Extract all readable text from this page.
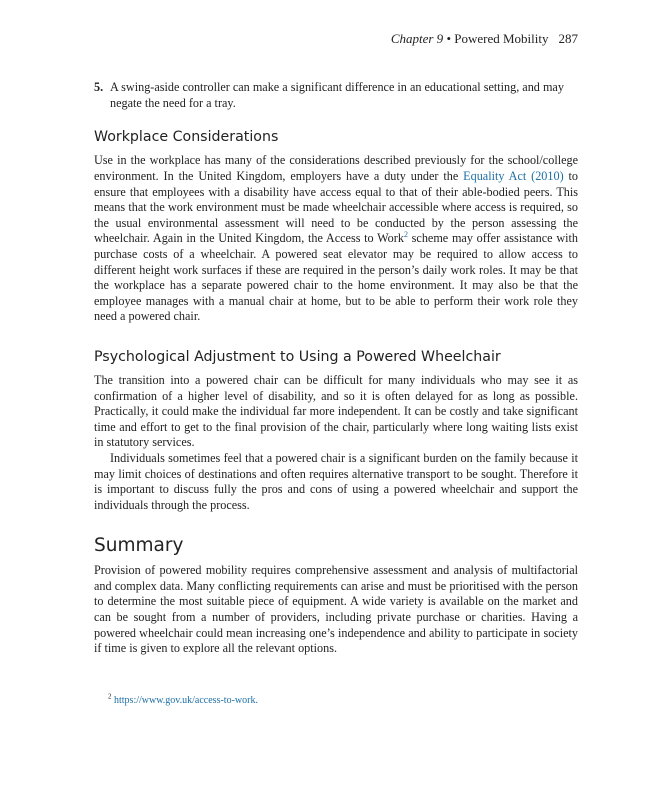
Chapter 9 • Powered Mobility 287
5. A swing-aside controller can make a significant difference in an educational setting, and may negate the need for a tray.
Workplace Considerations

Use in the workplace has many of the considerations described previously for the school/college environment. In the United Kingdom, employers have a duty under the Equality Act (2010) to ensure that employees with a disability have access equal to that of their able-bodied peers. This means that the work environment must be made wheelchair accessible where access is required, so the usual environmental assessment will need to be conducted by the person assessing the wheelchair. Again in the United Kingdom, the Access to Work$^2$ scheme may offer assistance with purchase costs of a wheelchair. A powered seat elevator may be required to allow access to different height work surfaces if these are required in the person’s daily work roles. It may be that the workplace has a separate powered chair to the home environment. It may also be that the employee manages with a manual chair at home, but to be able to perform their work role they need a powered chair.

Psychological Adjustment to Using a Powered Wheelchair

The transition into a powered chair can be difficult for many individuals who may see it as confirmation of a higher level of disability, and so it is often delayed for as long as possible. Practically, it could make the individual far more independent. It can be costly and take significant time and effort to get to the final provision of the chair, particularly where long waiting lists exist in statutory services.

Individuals sometimes feel that a powered chair is a significant burden on the family because it may limit choices of destinations and often requires alternative transport to be sought. Therefore it is important to discuss fully the pros and cons of using a powered wheelchair and support the individuals through the process.

Summary

Provision of powered mobility requires comprehensive assessment and analysis of multifactorial and complex data. Many conflicting requirements can arise and must be prioritised with the person to determine the most suitable piece of equipment. A wide variety is available on the market and can be sought from a number of providers, including private purchase or charities. Having a powered wheelchair could mean increasing one’s independence and ability to participate in society if time is given to explore all the relevant options.

$^2$ https://www.gov.uk/access-to-work.
